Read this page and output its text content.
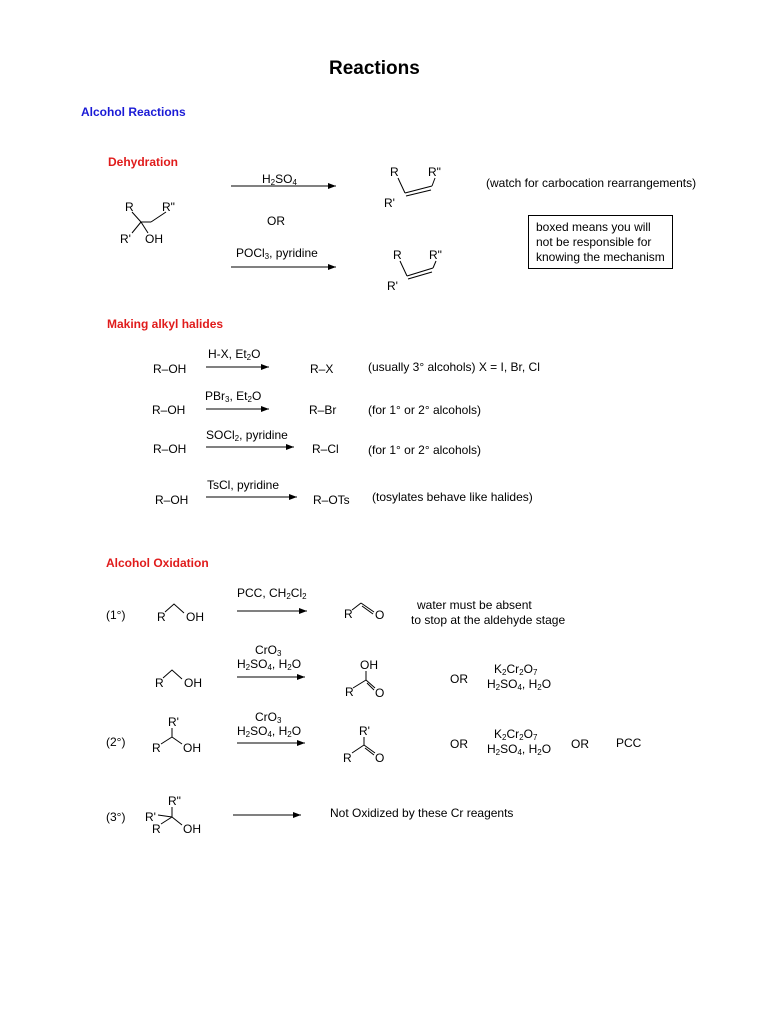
Reactions
Alcohol Reactions
Dehydration
R R"
R' OH
$H_2SO_4$
OR
POCl$_3$, pyridine
R R"
R'
R R"
R'
(watch for carbocation rearrangements)
boxed means you will
not be responsible for
knowing the mechanism
Making alkyl halides
R–OH
H-X, $Et_2O$
R–X	(usually 3° alcohols) X = I, Br, Cl
R–OH
PBr$_3$, $Et_2O$
R–Br	(for 1° or 2° alcohols)
R–OH
SOCl$_2$, pyridine
R–Cl (for 1° or 2° alcohols)
R–OH
TsCl, pyridine
R–OTs (tosylates behave like halides)
Alcohol Oxidation
(1°)	R OH
PCC, $CH_2Cl_2$
R O
water must be absent
to stop at the aldehyde stage
R OH
CrO$_3$
$H_2SO_4$, $H_2O$	OH
R O
OR
$K_2Cr_2O_7$
$H_2SO_4$, $H_2O$
(2°)
R'
R OH
CrO$_3$
$H_2SO_4$, $H_2O$	R'
R O
OR
$K_2Cr_2O_7$
$H_2SO_4$, $H_2O$ OR PCC
(3°)
R"
R'
R OH
Not Oxidized by these Cr reagents
